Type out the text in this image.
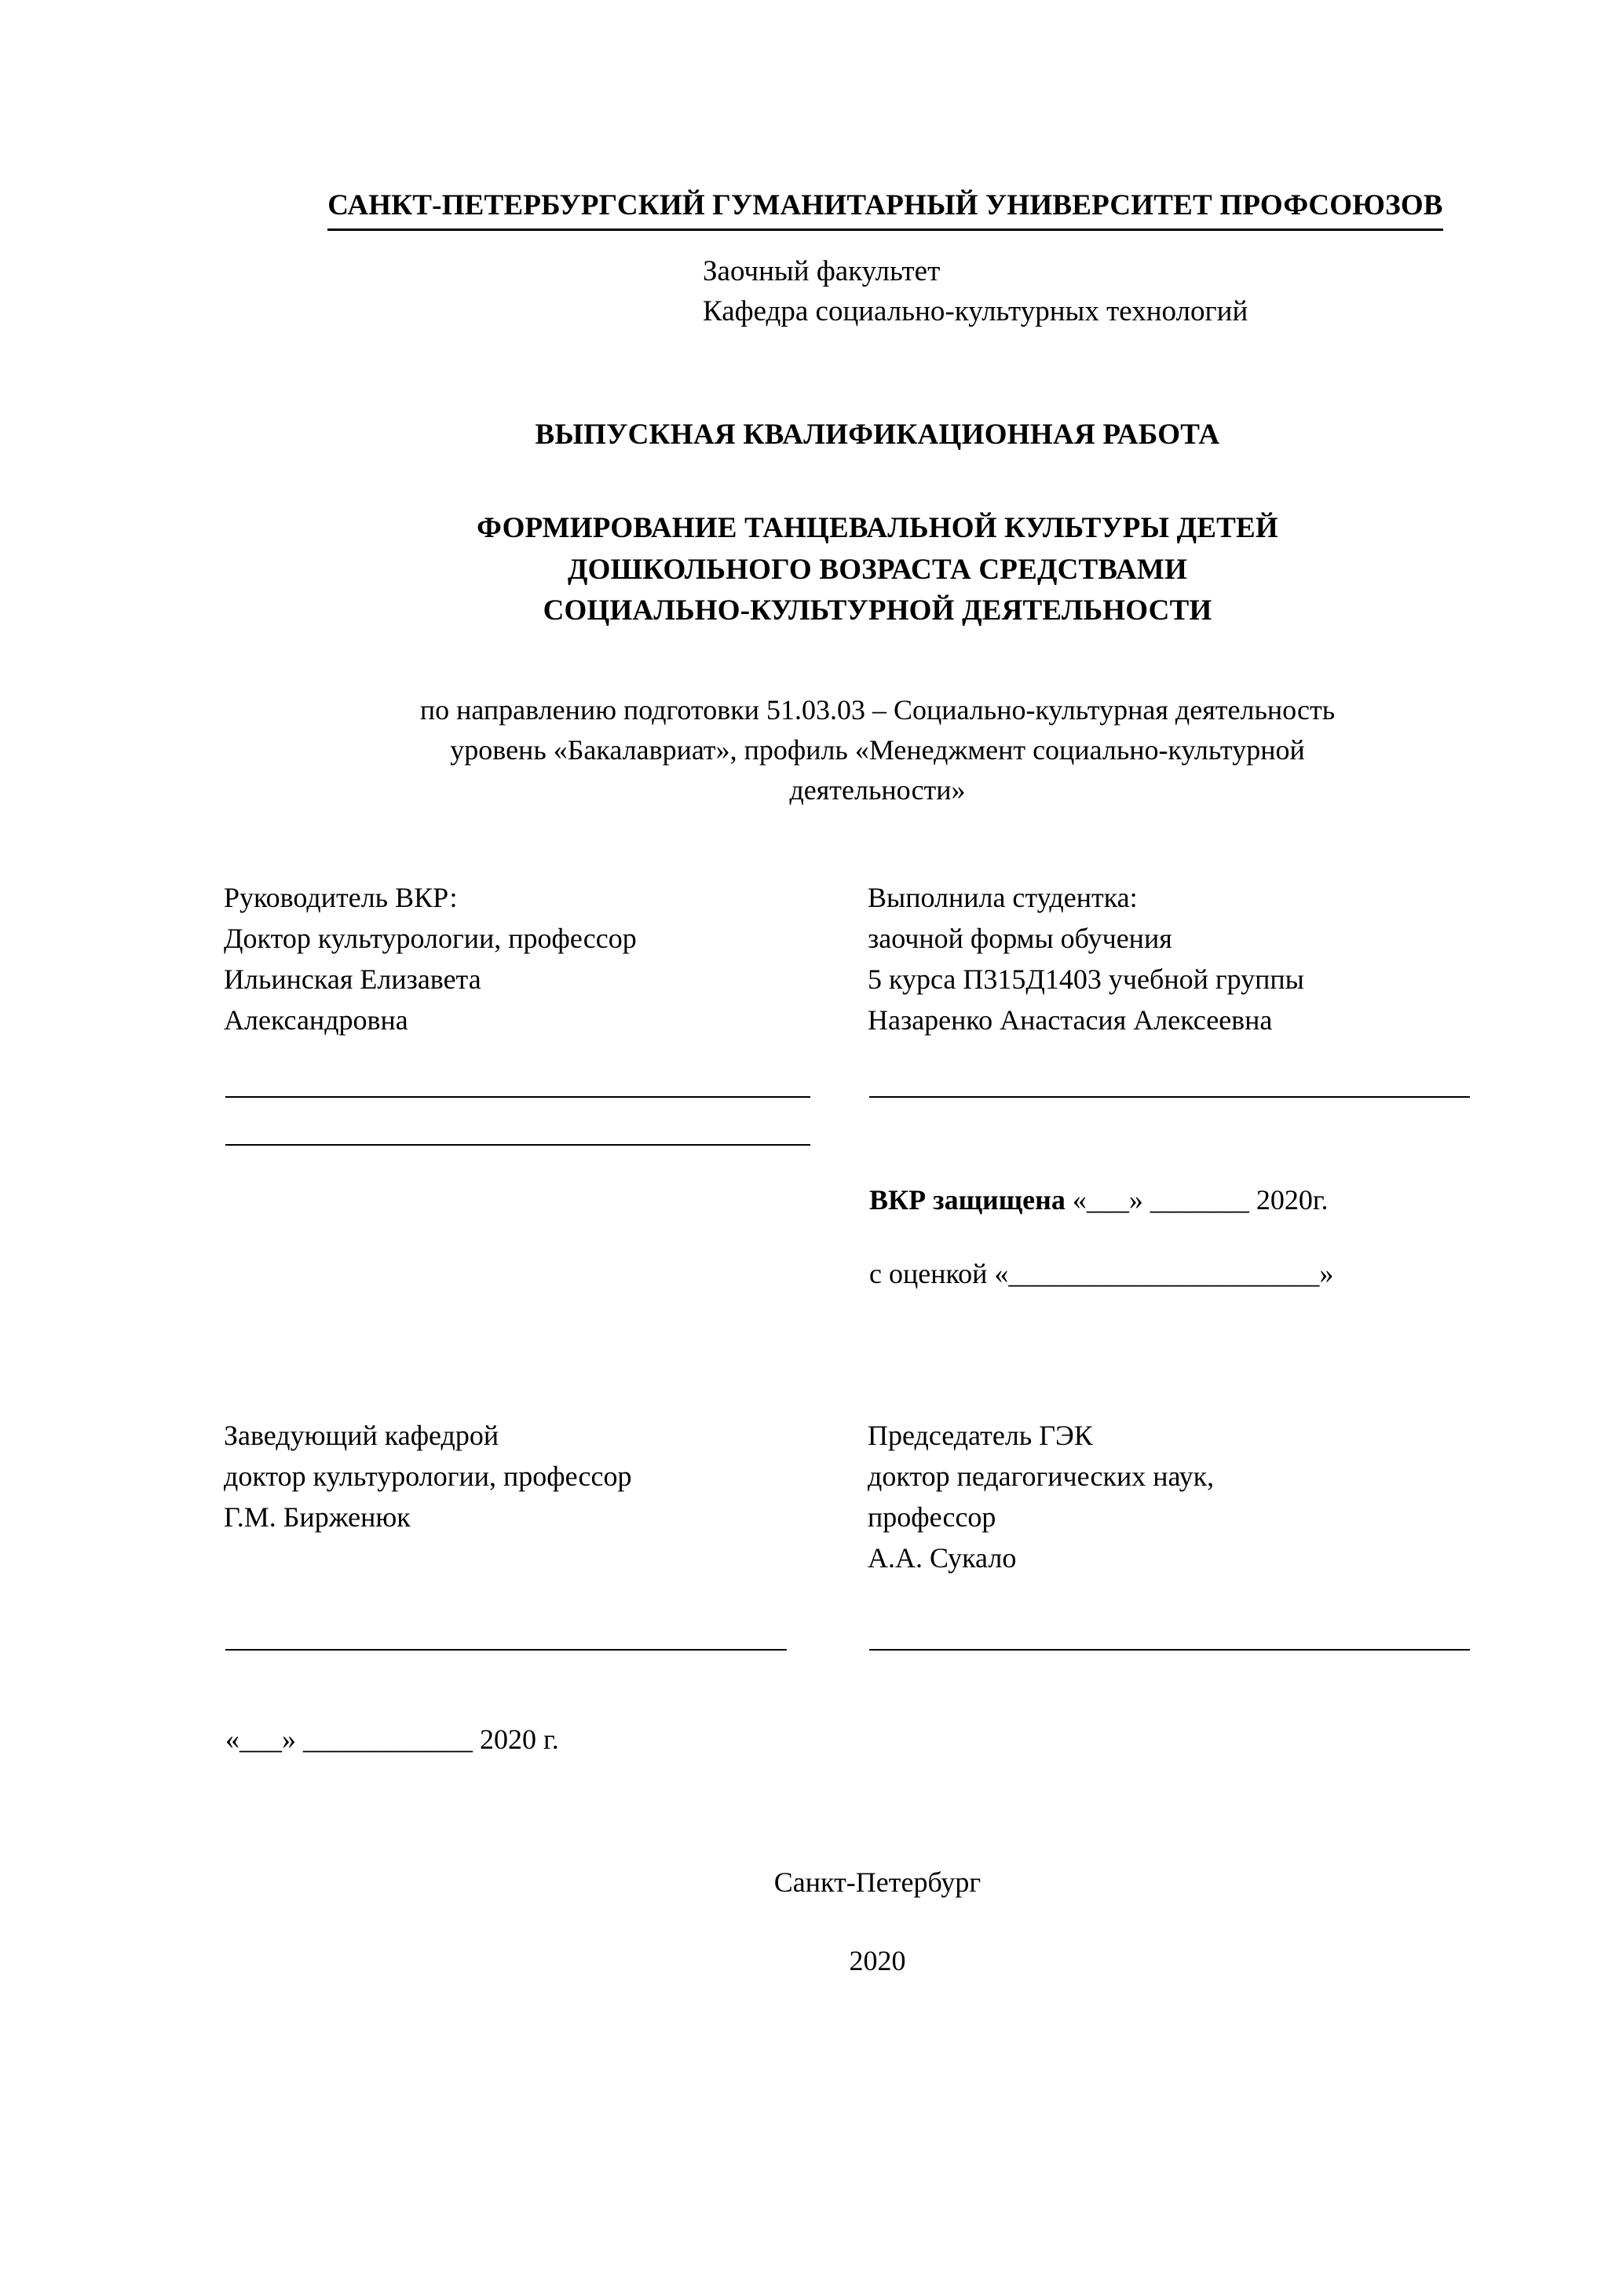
САНКТ-ПЕТЕРБУРГСКИЙ ГУМАНИТАРНЫЙ УНИВЕРСИТЕТ ПРОФСОЮЗОВ
Заочный факультет
Кафедра социально-культурных технологий
ВЫПУСКНАЯ КВАЛИФИКАЦИОННАЯ РАБОТА
ФОРМИРОВАНИЕ ТАНЦЕВАЛЬНОЙ КУЛЬТУРЫ ДЕТЕЙ
ДОШКОЛЬНОГО ВОЗРАСТА СРЕДСТВАМИ
СОЦИАЛЬНО-КУЛЬТУРНОЙ ДЕЯТЕЛЬНОСТИ
по направлению подготовки 51.03.03 – Социально-культурная деятельность
уровень «Бакалавриат», профиль «Менеджмент социально-культурной
деятельности»
Руководитель ВКР:
Доктор культурологии, профессор
Ильинская Елизавета
Александровна
Выполнила студентка:
заочной формы обучения
5 курса П315Д1403 учебной группы
Назаренко Анастасия Алексеевна
ВКР защищена «___» _______ 2020г.
с оценкой «______________________»
Заведующий кафедрой
доктор культурологии, профессор
Г.М. Бирженюк
Председатель ГЭК
доктор педагогических наук,
профессор
А.А. Сукало
«___» ____________ 2020 г.
Санкт-Петербург
2020
